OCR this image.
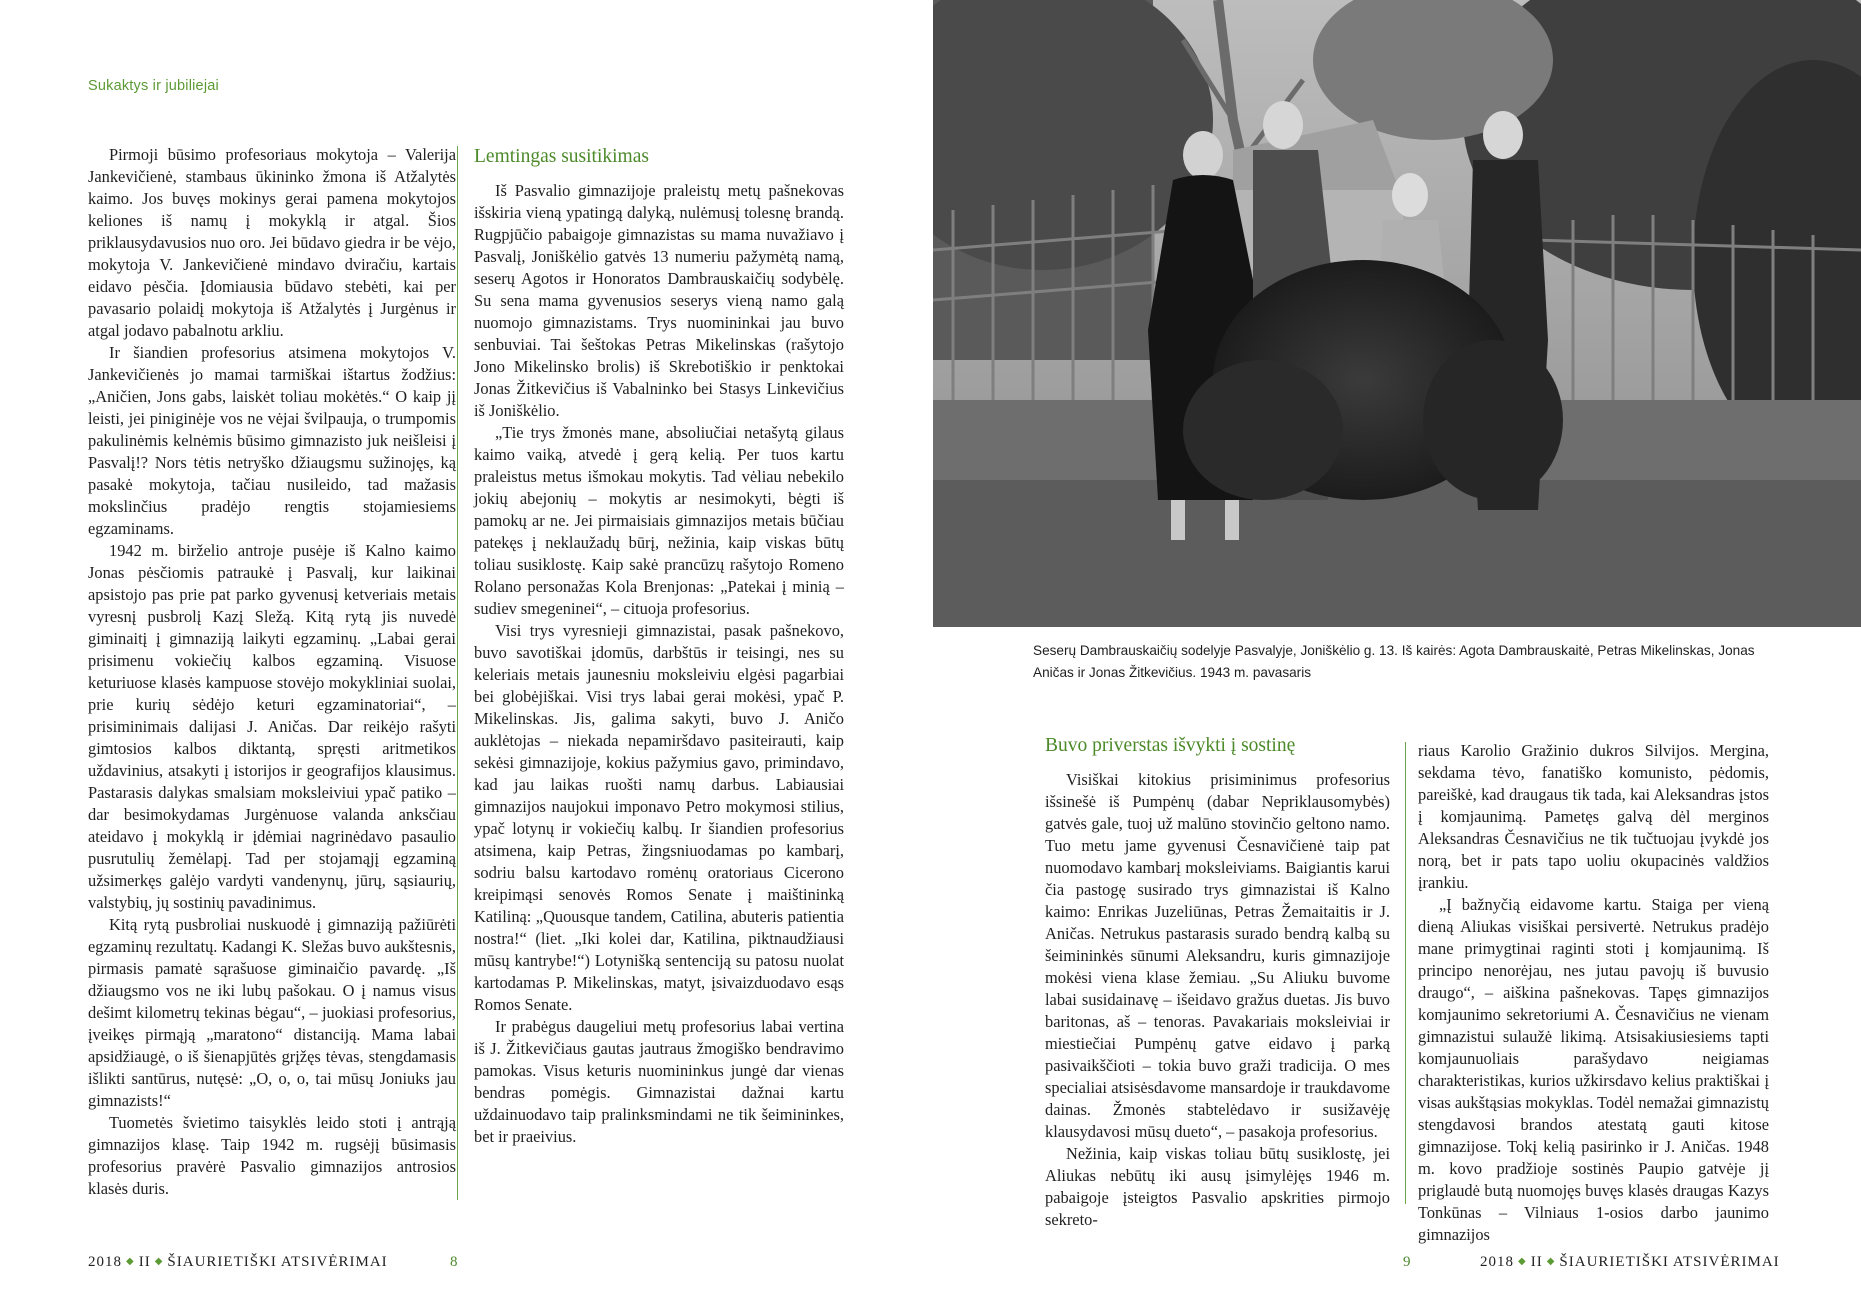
Sukaktys ir jubiliejai

Pirmoji būsimo profesoriaus mokytoja – Valerija Jankevičienė, stambaus ūkininko žmona iš Atžalytės kaimo. Jos buvęs mokinys gerai pamena mokytojos keliones iš namų į mokyklą ir atgal. Šios priklausydavusios nuo oro. Jei būdavo giedra ir be vėjo, mokytoja V. Jankevičienė mindavo dviračiu, kartais eidavo pėsčia. Įdomiausia būdavo stebėti, kai per pavasario polaidį mokytoja iš Atžalytės į Jurgėnus ir atgal jodavo pabalnotu arkliu.

Ir šiandien profesorius atsimena mokytojos V. Jankevičienės jo mamai tarmiškai ištartus žodžius: „Aničien, Jons gabs, laiskėt toliau mokėtės.“ O kaip jį leisti, jei piniginėje vos ne vėjai švilpauja, o trumpomis pakulinėmis kelnėmis būsimo gimnazisto juk neišleisi į Pasvalį!? Nors tėtis netryško džiaugsmu sužinojęs, ką pasakė mokytoja, tačiau nusileido, tad mažasis mokslinčius pradėjo rengtis stojamiesiems egzaminams.

1942 m. birželio antroje pusėje iš Kalno kaimo Jonas pėsčiomis patraukė į Pasvalį, kur laikinai apsistojo pas prie pat parko gyvenusį ketveriais metais vyresnį pusbrolį Kazį Sležą. Kitą rytą jis nuvedė giminaitį į gimnaziją laikyti egzaminų. „Labai gerai prisimenu vokiečių kalbos egzaminą. Visuose keturiuose klasės kampuose stovėjo mokykliniai suolai, prie kurių sėdėjo keturi egzaminatoriai“, – prisiminimais dalijasi J. Aničas. Dar reikėjo rašyti gimtosios kalbos diktantą, spręsti aritmetikos uždavinius, atsakyti į istorijos ir geografijos klausimus. Pastarasis dalykas smalsiam moksleiviui ypač patiko – dar besimokydamas Jurgėnuose valanda anksčiau ateidavo į mokyklą ir įdėmiai nagrinėdavo pasaulio pusrutulių žemėlapį. Tad per stojamąjį egzaminą užsimerkęs galėjo vardyti vandenynų, jūrų, sąsiaurių, valstybių, jų sostinių pavadinimus.

Kitą rytą pusbroliai nuskuodė į gimnaziją pažiūrėti egzaminų rezultatų. Kadangi K. Sležas buvo aukštesnis, pirmasis pamatė sąrašuose giminaičio pavardę. „Iš džiaugsmo vos ne iki lubų pašokau. O į namus visus dešimt kilometrų tekinas bėgau“, – juokiasi profesorius, įveikęs pirmąją „maratono“ distanciją. Mama labai apsidžiaugė, o iš šienapjūtės grįžęs tėvas, stengdamasis išlikti santūrus, nutęsė: „O, o, o, tai mūsų Joniuks jau gimnazists!“

Tuometės švietimo taisyklės leido stoti į antrąją gimnazijos klasę. Taip 1942 m. rugsėjį būsimasis profesorius pravėrė Pasvalio gimnazijos antrosios klasės duris.

Lemtingas susitikimas

Iš Pasvalio gimnazijoje praleistų metų pašnekovas išskiria vieną ypatingą dalyką, nulėmusį tolesnę brandą. Rugpjūčio pabaigoje gimnazistas su mama nuvažiavo į Pasvalį, Joniškėlio gatvės 13 numeriu pažymėtą namą, seserų Agotos ir Honoratos Dambrauskaičių sodybėlę. Su sena mama gyvenusios seserys vieną namo galą nuomojo gimnazistams. Trys nuomininkai jau buvo senbuviai. Tai šeštokas Petras Mikelinskas (rašytojo Jono Mikelinsko brolis) iš Skrebotiškio ir penktokai Jonas Žitkevičius iš Vabalninko bei Stasys Linkevičius iš Joniškėlio.

„Tie trys žmonės mane, absoliučiai netašytą gilaus kaimo vaiką, atvedė į gerą kelią. Per tuos kartu praleistus metus išmokau mokytis. Tad vėliau nebekilo jokių abejonių – mokytis ar nesimokyti, bėgti iš pamokų ar ne. Jei pirmaisiais gimnazijos metais būčiau patekęs į neklaužadų būrį, nežinia, kaip viskas būtų toliau susiklostę. Kaip sakė prancūzų rašytojo Romeno Rolano personažas Kola Brenjonas: „Patekai į minią – sudiev smegeninei“, – cituoja profesorius.

Visi trys vyresnieji gimnazistai, pasak pašnekovo, buvo savotiškai įdomūs, darbštūs ir teisingi, nes su keleriais metais jaunesniu moksleiviu elgėsi pagarbiai bei globėjiškai. Visi trys labai gerai mokėsi, ypač P. Mikelinskas. Jis, galima sakyti, buvo J. Aničo auklėtojas – niekada nepamiršdavo pasiteirauti, kaip sekėsi gimnazijoje, kokius pažymius gavo, primindavo, kad jau laikas ruošti namų darbus. Labiausiai gimnazijos naujokui imponavo Petro mokymosi stilius, ypač lotynų ir vokiečių kalbų. Ir šiandien profesorius atsimena, kaip Petras, žingsniuodamas po kambarį, sodriu balsu kartodavo romėnų oratoriaus Cicerono kreipimąsi senovės Romos Senate į maištininką Katiliną: „Quousque tandem, Catilina, abuteris patientia nostra!“ (liet. „Iki kolei dar, Katilina, piktnaudžiausi mūsų kantrybe!“) Lotynišką sentenciją su patosu nuolat kartodamas P. Mikelinskas, matyt, įsivaizduodavo esąs Romos Senate.

Ir prabėgus daugeliui metų profesorius labai vertina iš J. Žitkevičiaus gautas jautraus žmogiško bendravimo pamokas. Visus keturis nuomininkus jungė dar vienas bendras pomėgis. Gimnazistai dažnai kartu uždainuodavo taip pralinksmindami ne tik šeimininkes, bet ir praeivius.

Seserų Dambrauskaičių sodelyje Pasvalyje, Joniškėlio g. 13. Iš kairės: Agota Dambrauskaitė, Petras Mikelinskas, Jonas Aničas ir Jonas Žitkevičius. 1943 m. pavasaris
Buvo priverstas išvykti į sostinę

Visiškai kitokius prisiminimus profesorius išsinešė iš Pumpėnų (dabar Nepriklausomybės) gatvės gale, tuoj už malūno stovinčio geltono namo. Tuo metu jame gyvenusi Česnavičienė taip pat nuomodavo kambarį moksleiviams. Baigiantis karui čia pastogę susirado trys gimnazistai iš Kalno kaimo: Enrikas Juzeliūnas, Petras Žemaitaitis ir J. Aničas. Netrukus pastarasis surado bendrą kalbą su šeimininkės sūnumi Aleksandru, kuris gimnazijoje mokėsi viena klase žemiau. „Su Aliuku buvome labai susidainavę – išeidavo gražus duetas. Jis buvo baritonas, aš – tenoras. Pavakariais moksleiviai ir miestiečiai Pumpėnų gatve eidavo į parką pasivaikščioti – tokia buvo graži tradicija. O mes specialiai atsisėsdavome mansardoje ir traukdavome dainas. Žmonės stabtelėdavo ir susižavėję klausydavosi mūsų dueto“, – pasakoja profesorius.

Nežinia, kaip viskas toliau būtų susiklostę, jei Aliukas nebūtų iki ausų įsimylėjęs 1946 m. pabaigoje įsteigtos Pasvalio apskrities pirmojo sekreto-

riaus Karolio Gražinio dukros Silvijos. Mergina, sekdama tėvo, fanatiško komunisto, pėdomis, pareiškė, kad draugaus tik tada, kai Aleksandras įstos į komjaunimą. Pametęs galvą dėl merginos Aleksandras Česnavičius ne tik tučtuojau įvykdė jos norą, bet ir pats tapo uoliu okupacinės valdžios įrankiu.

„Į bažnyčią eidavome kartu. Staiga per vieną dieną Aliukas visiškai persivertė. Netrukus pradėjo mane primygtinai raginti stoti į komjaunimą. Iš principo nenorėjau, nes jutau pavojų iš buvusio draugo“, – aiškina pašnekovas. Tapęs gimnazijos komjaunimo sekretoriumi A. Česnavičius ne vienam gimnazistui sulaužė likimą. Atsisakiusiesiems tapti komjaunuoliais parašydavo neigiamas charakteristikas, kurios užkirsdavo kelius praktiškai į visas aukštąsias mokyklas. Todėl nemažai gimnazistų stengdavosi brandos atestatą gauti kitose gimnazijose. Tokį kelią pasirinko ir J. Aničas. 1948 m. kovo pradžioje sostinės Paupio gatvėje jį priglaudė butą nuomojęs buvęs klasės draugas Kazys Tonkūnas – Vilniaus 1-osios darbo jaunimo gimnazijos

2018 ◆ II ◆ ŠIAURIETIŠKI ATSIVĖRIMAI	8	9	2018 ◆ II ◆ ŠIAURIETIŠKI ATSIVĖRIMAI
